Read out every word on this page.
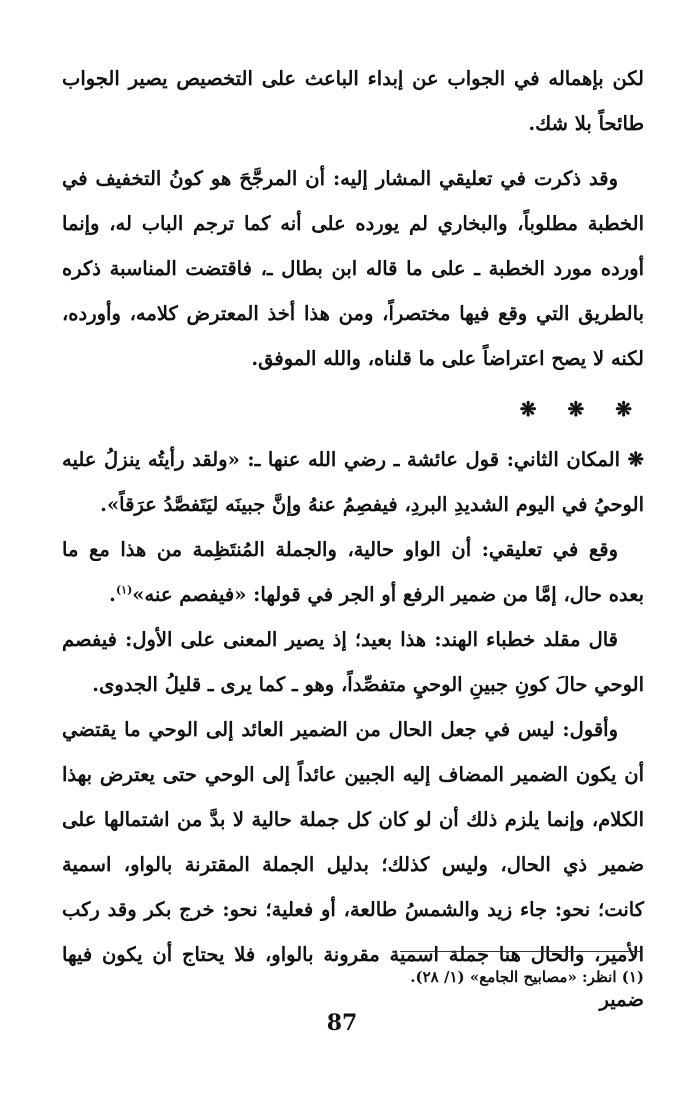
لكن بإهماله في الجواب عن إبداء الباعث على التخصيص يصير الجواب طائحاً بلا شك.

وقد ذكرت في تعليقي المشار إليه: أن المرجَّحَ هو كونُ التخفيف في الخطبة مطلوباً، والبخاري لم يورده على أنه كما ترجم الباب له، وإنما أورده مورد الخطبة ـ على ما قاله ابن بطال ـ، فاقتضت المناسبة ذكره بالطريق التي وقع فيها مختصراً، ومن هذا أخذ المعترض كلامه، وأورده، لكنه لا يصح اعتراضاً على ما قلناه، والله الموفق.

❋ ❋ ❋

❋ المكان الثاني: قول عائشة ـ رضي الله عنها ـ: «ولقد رأيتُه ينزلُ عليه الوحيُ في اليوم الشديدِ البردِ، فيفصِمُ عنهُ وإنَّ جبينَه ليَتَفصَّدُ عرَقاً».

وقع في تعليقي: أن الواو حالية، والجملة المُنتَظِمة من هذا مع ما بعده حال، إمَّا من ضمير الرفع أو الجر في قولها: «فيفصم عنه»$^{(١)}$.

قال مقلد خطباء الهند: هذا بعيد؛ إذ يصير المعنى على الأول: فيفصم الوحي حالَ كونِ جبينِ الوحيِ متفصِّداً، وهو ـ كما يرى ـ قليلُ الجدوى.

وأقول: ليس في جعل الحال من الضمير العائد إلى الوحي ما يقتضي أن يكون الضمير المضاف إليه الجبين عائداً إلى الوحي حتى يعترض بهذا الكلام، وإنما يلزم ذلك أن لو كان كل جملة حالية لا بدَّ من اشتمالها على ضمير ذي الحال، وليس كذلك؛ بدليل الجملة المقترنة بالواو، اسمية كانت؛ نحو: جاء زيد والشمسُ طالعة، أو فعلية؛ نحو: خرج بكر وقد ركب الأمير، والحال هنا جملة اسمية مقرونة بالواو، فلا يحتاج أن يكون فيها ضمير

(١) انظر: «مصابيح الجامع» (١/ ٢٨).
87
